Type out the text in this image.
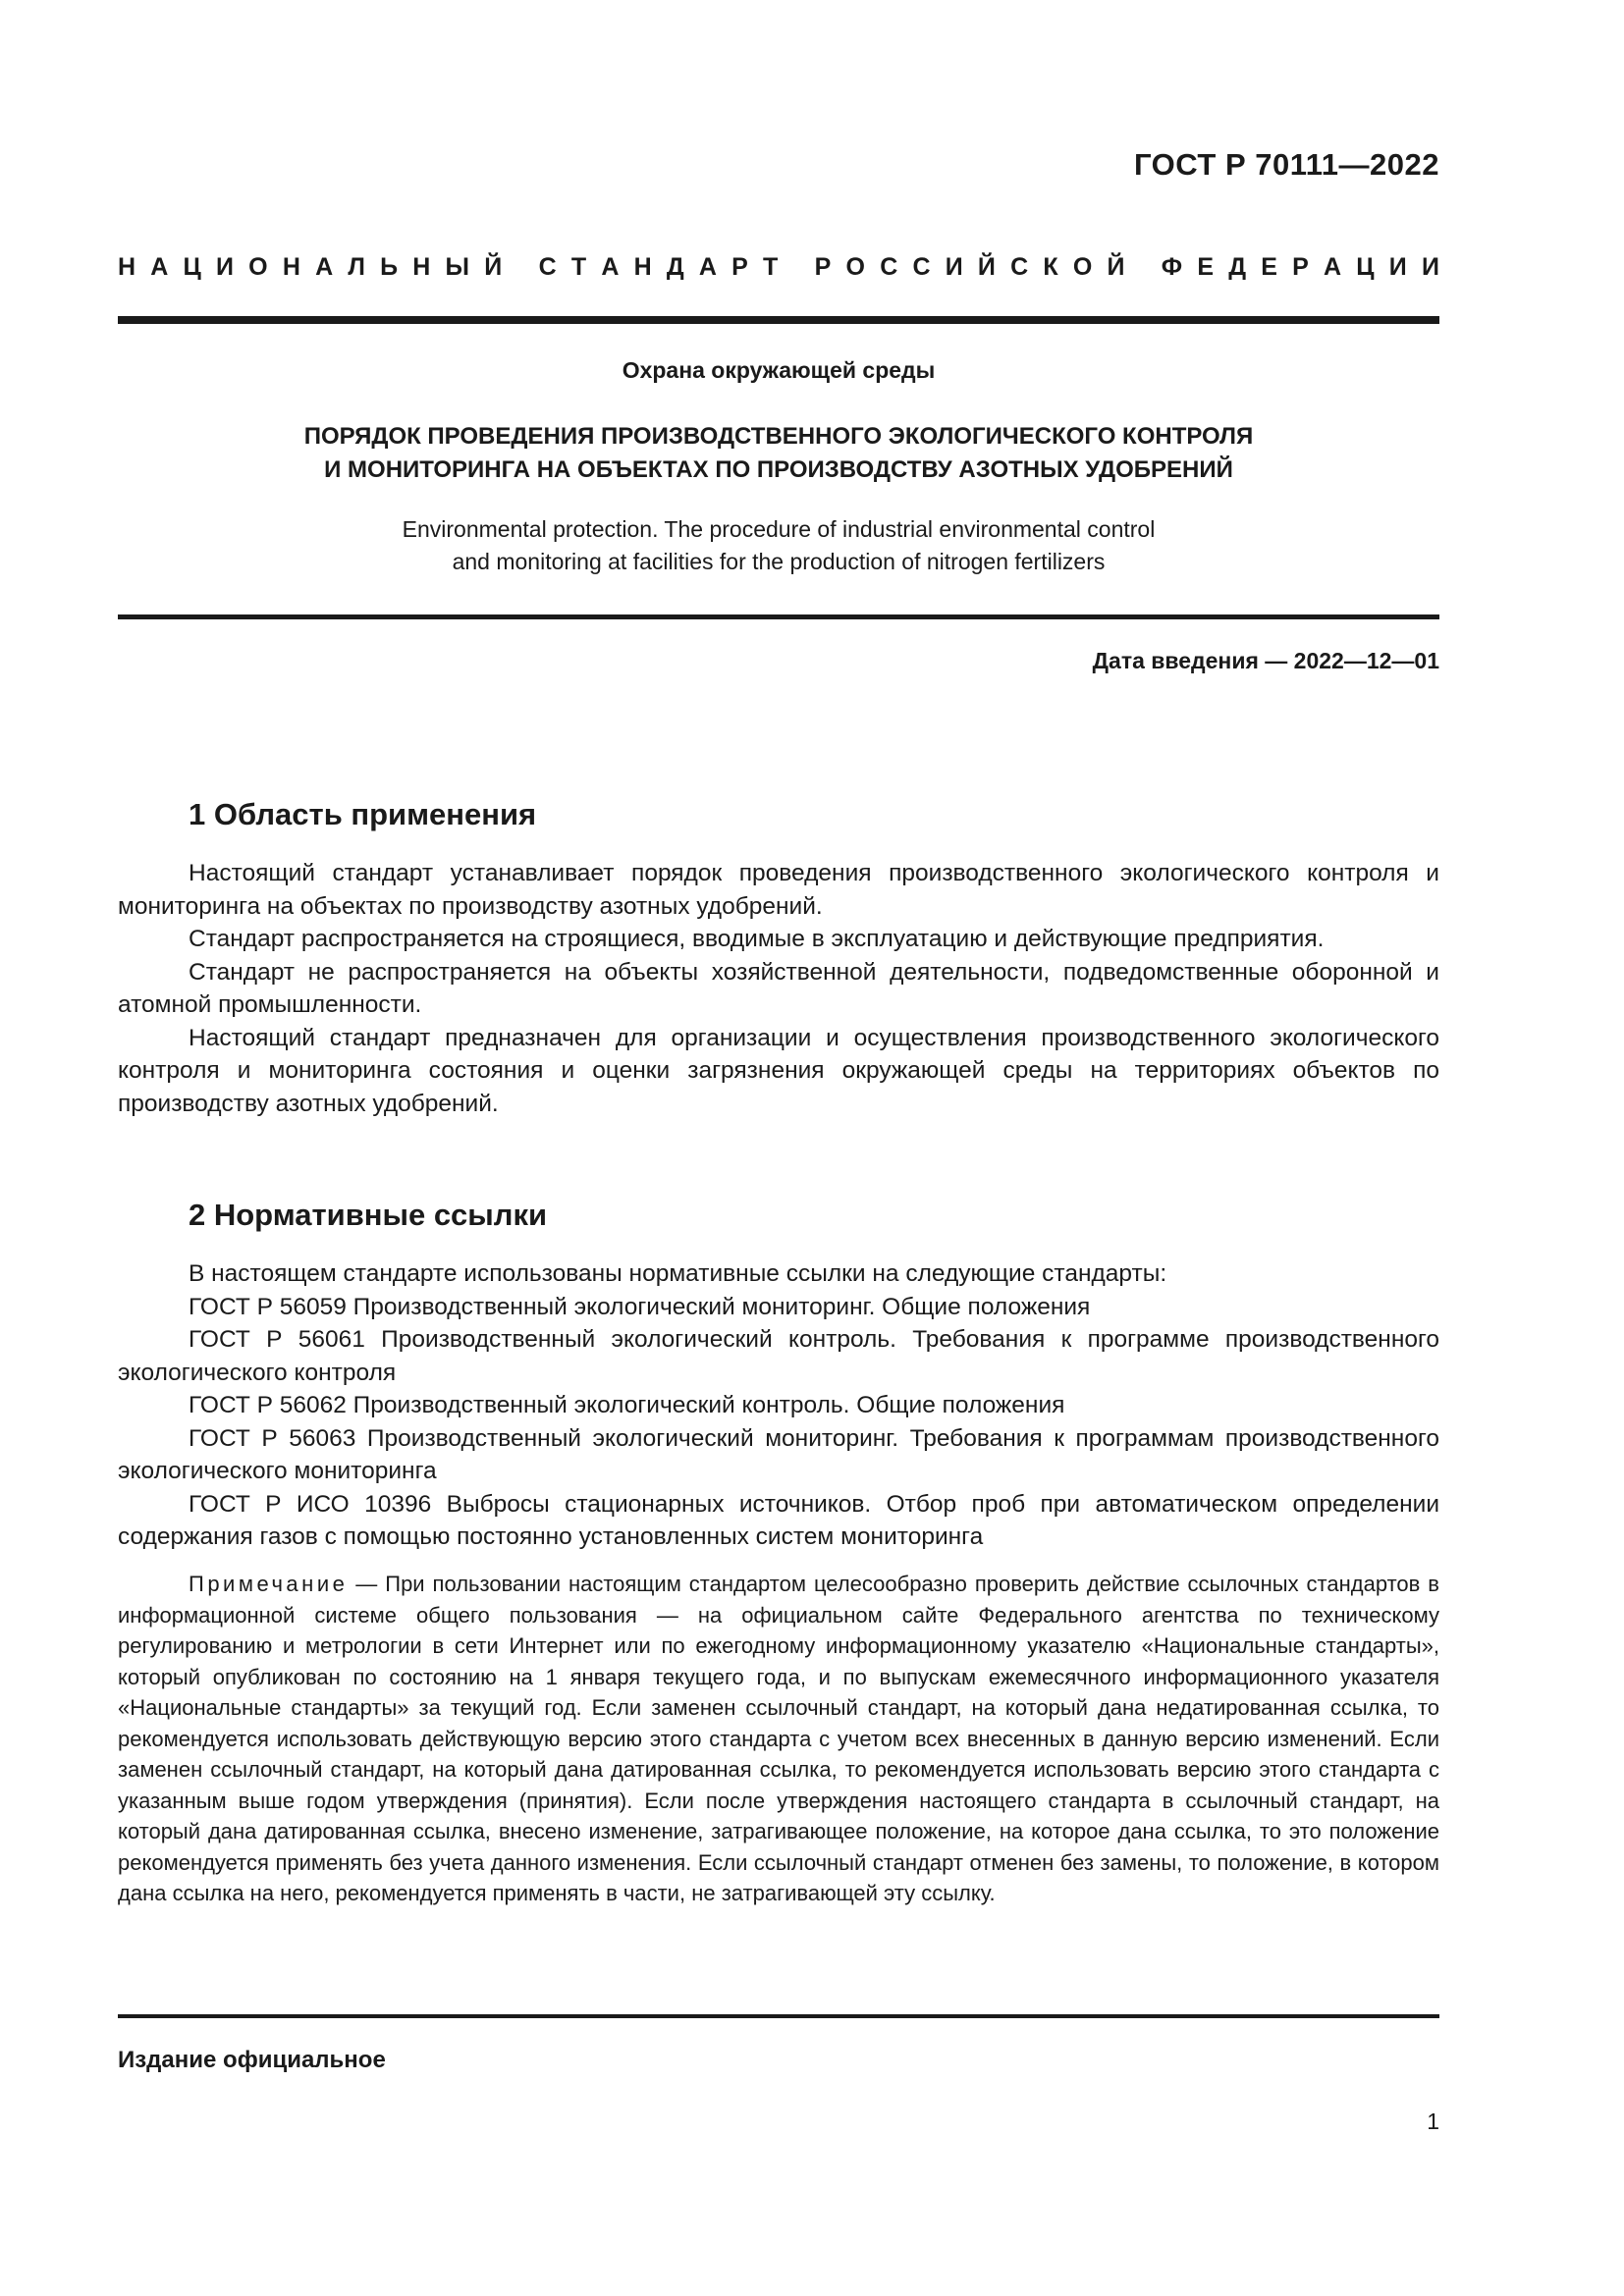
ГОСТ Р 70111—2022
Н А Ц И О Н А Л Ь Н Ы Й
С Т А Н Д А Р Т
Р О С С И Й С К О Й
Ф Е Д Е Р А Ц И И
Охрана окружающей среды
ПОРЯДОК ПРОВЕДЕНИЯ ПРОИЗВОДСТВЕННОГО ЭКОЛОГИЧЕСКОГО КОНТРОЛЯ
И МОНИТОРИНГА НА ОБЪЕКТАХ ПО ПРОИЗВОДСТВУ АЗОТНЫХ УДОБРЕНИЙ
Environmental protection. The procedure of industrial environmental control
and monitoring at facilities for the production of nitrogen fertilizers
Дата введения — 2022—12—01
1 Область применения

Настоящий стандарт устанавливает порядок проведения производственного экологического контроля и мониторинга на объектах по производству азотных удобрений.

Стандарт распространяется на строящиеся, вводимые в эксплуатацию и действующие предприятия.

Стандарт не распространяется на объекты хозяйственной деятельности, подведомственные оборонной и атомной промышленности.

Настоящий стандарт предназначен для организации и осуществления производственного экологического контроля и мониторинга состояния и оценки загрязнения окружающей среды на территориях объектов по производству азотных удобрений.

2 Нормативные ссылки

В настоящем стандарте использованы нормативные ссылки на следующие стандарты:

ГОСТ Р 56059 Производственный экологический мониторинг. Общие положения

ГОСТ Р 56061 Производственный экологический контроль. Требования к программе производственного экологического контроля

ГОСТ Р 56062 Производственный экологический контроль. Общие положения

ГОСТ Р 56063 Производственный экологический мониторинг. Требования к программам производственного экологического мониторинга

ГОСТ Р ИСО 10396 Выбросы стационарных источников. Отбор проб при автоматическом определении содержания газов с помощью постоянно установленных систем мониторинга

Примечание — При пользовании настоящим стандартом целесообразно проверить действие ссылочных стандартов в информационной системе общего пользования — на официальном сайте Федерального агентства по техническому регулированию и метрологии в сети Интернет или по ежегодному информационному указателю «Национальные стандарты», который опубликован по состоянию на 1 января текущего года, и по выпускам ежемесячного информационного указателя «Национальные стандарты» за текущий год. Если заменен ссылочный стандарт, на который дана недатированная ссылка, то рекомендуется использовать действующую версию этого стандарта с учетом всех внесенных в данную версию изменений. Если заменен ссылочный стандарт, на который дана датированная ссылка, то рекомендуется использовать версию этого стандарта с указанным выше годом утверждения (принятия). Если после утверждения настоящего стандарта в ссылочный стандарт, на который дана датированная ссылка, внесено изменение, затрагивающее положение, на которое дана ссылка, то это положение рекомендуется применять без учета данного изменения. Если ссылочный стандарт отменен без замены, то положение, в котором дана ссылка на него, рекомендуется применять в части, не затрагивающей эту ссылку.
Издание официальное
1
